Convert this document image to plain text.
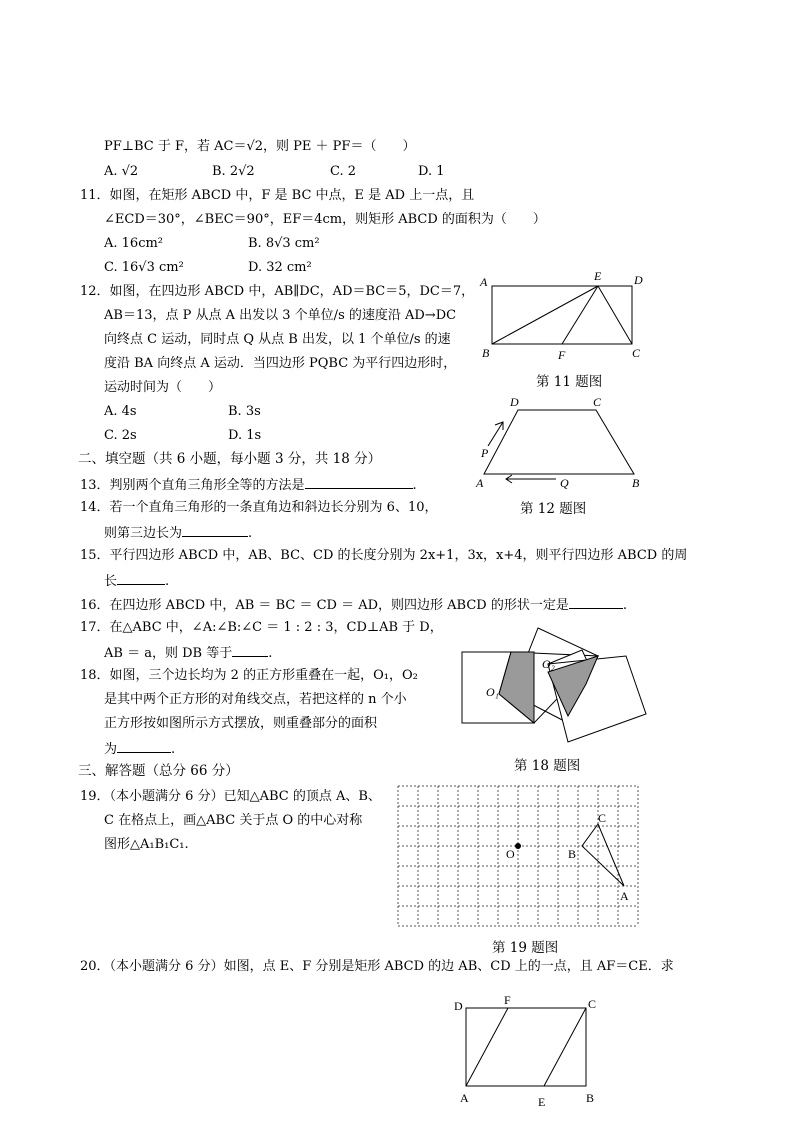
PF⊥BC 于 F，若 AC＝√2，则 PE ＋ PF＝（　　）
A. √2	B. 2√2	C. 2	D. 1
11．如图，在矩形 ABCD 中，F 是 BC 中点，E 是 AD 上一点，且
∠ECD＝30°，∠BEC＝90°，EF＝4cm，则矩形 ABCD 的面积为（　　）
A. 16cm²	B. 8√3 cm²
C. 16√3 cm²	D. 32 cm²
12．如图，在四边形 ABCD 中，AB∥DC，AD＝BC＝5，DC＝7，
AB＝13，点 P 从点 A 出发以 3 个单位/s 的速度沿 AD→DC
向终点 C 运动，同时点 Q 从点 B 出发，以 1 个单位/s 的速
度沿 BA 向终点 A 运动．当四边形 PQBC 为平行四边形时，
运动时间为（　　）
A. 4s	B. 3s
C. 2s	D. 1s
二、填空题（共 6 小题，每小题 3 分，共 18 分）
13．判别两个直角三角形全等的方法是	.
14．若一个直角三角形的一条直角边和斜边长分别为 6、10，
则第三边长为	.
15．平行四边形 ABCD 中，AB、BC、CD 的长度分别为 2x+1，3x，x+4，则平行四边形 ABCD 的周
长	.
16．在四边形 ABCD 中，AB ＝ BC ＝ CD ＝ AD，则四边形 ABCD 的形状一定是	.
17．在△ABC 中，∠A:∠B:∠C ＝ 1 : 2 : 3，CD⊥AB 于 D，
AB ＝ a，则 DB 等于	.
18．如图，三个边长均为 2 的正方形重叠在一起，O₁，O₂
是其中两个正方形的对角线交点，若把这样的 n 个小
正方形按如图所示方式摆放，则重叠部分的面积
为	.
三、解答题（总分 66 分）
19．（本小题满分 6 分）已知△ABC 的顶点 A、B、
C 在格点上，画△ABC 关于点 O 的中心对称
图形△A₁B₁C₁.
20．（本小题满分 6 分）如图，点 E、F 分别是矩形 ABCD 的边 AB、CD 上的一点，且 AF＝CE．求
A	E	D
B	F	C
第 11 题图
D	C
P
A	Q	B
第 12 题图
O₁
O₂
第 18 题图
O
C
B
A
第 19 题图
D	F	C
A	E	B
